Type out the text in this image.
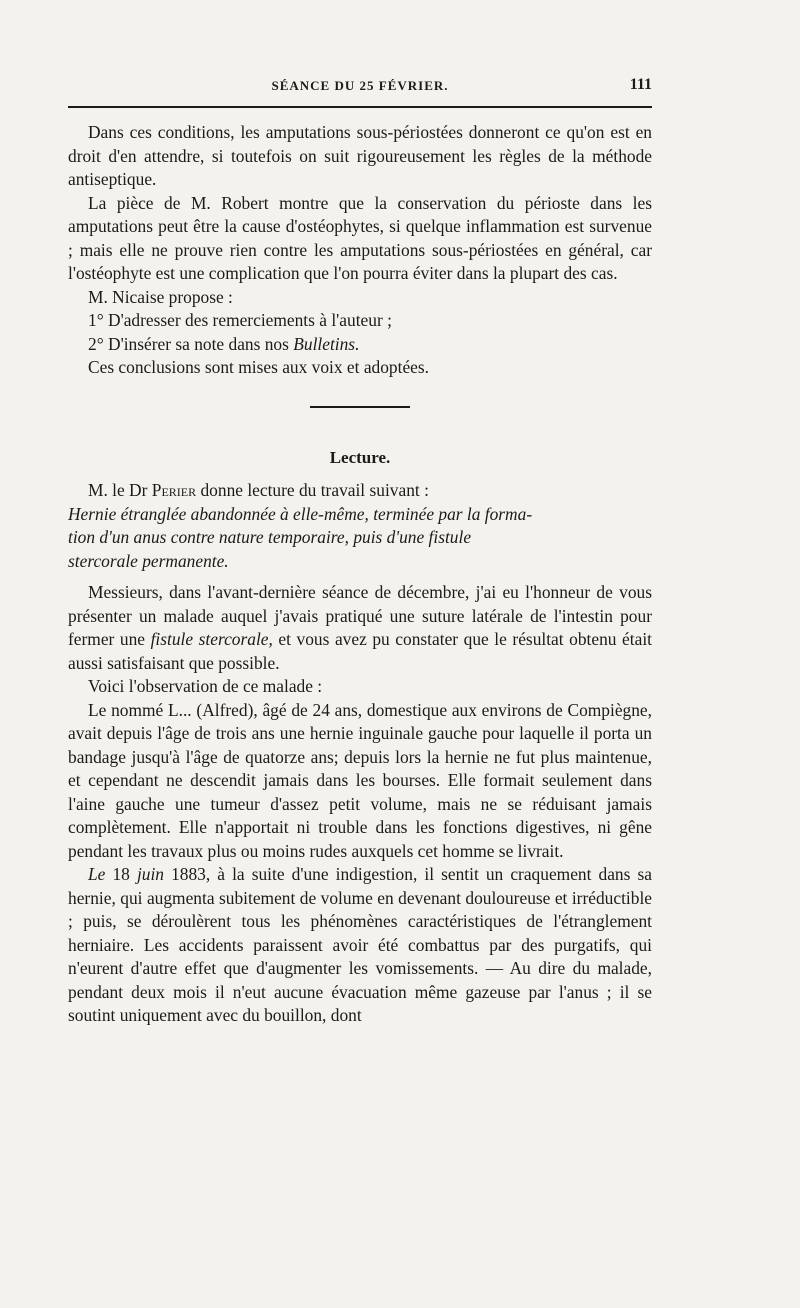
SÉANCE DU 25 FÉVRIER.	111

Dans ces conditions, les amputations sous-périostées donneront ce qu'on est en droit d'en attendre, si toutefois on suit rigoureusement les règles de la méthode antiseptique.

La pièce de M. Robert montre que la conservation du périoste dans les amputations peut être la cause d'ostéophytes, si quelque inflammation est survenue ; mais elle ne prouve rien contre les amputations sous-périostées en général, car l'ostéophyte est une complication que l'on pourra éviter dans la plupart des cas.

M. Nicaise propose :

1° D'adresser des remerciements à l'auteur ;

2° D'insérer sa note dans nos Bulletins.

Ces conclusions sont mises aux voix et adoptées.

Lecture.

M. le Dr Perier donne lecture du travail suivant :

Hernie étranglée abandonnée à elle-même, terminée par la forma-
tion d'un anus contre nature temporaire, puis d'une fistule
stercorale permanente.

Messieurs, dans l'avant-dernière séance de décembre, j'ai eu l'honneur de vous présenter un malade auquel j'avais pratiqué une suture latérale de l'intestin pour fermer une fistule stercorale, et vous avez pu constater que le résultat obtenu était aussi satisfaisant que possible.

Voici l'observation de ce malade :

Le nommé L... (Alfred), âgé de 24 ans, domestique aux environs de Compiègne, avait depuis l'âge de trois ans une hernie inguinale gauche pour laquelle il porta un bandage jusqu'à l'âge de quatorze ans; depuis lors la hernie ne fut plus maintenue, et cependant ne descendit jamais dans les bourses. Elle formait seulement dans l'aine gauche une tumeur d'assez petit volume, mais ne se réduisant jamais complètement. Elle n'apportait ni trouble dans les fonctions digestives, ni gêne pendant les travaux plus ou moins rudes auxquels cet homme se livrait.

Le 18 juin 1883, à la suite d'une indigestion, il sentit un craquement dans sa hernie, qui augmenta subitement de volume en devenant douloureuse et irréductible ; puis, se déroulèrent tous les phénomènes caractéristiques de l'étranglement herniaire. Les accidents paraissent avoir été combattus par des purgatifs, qui n'eurent d'autre effet que d'augmenter les vomissements. — Au dire du malade, pendant deux mois il n'eut aucune évacuation même gazeuse par l'anus ; il se soutint uniquement avec du bouillon, dont
